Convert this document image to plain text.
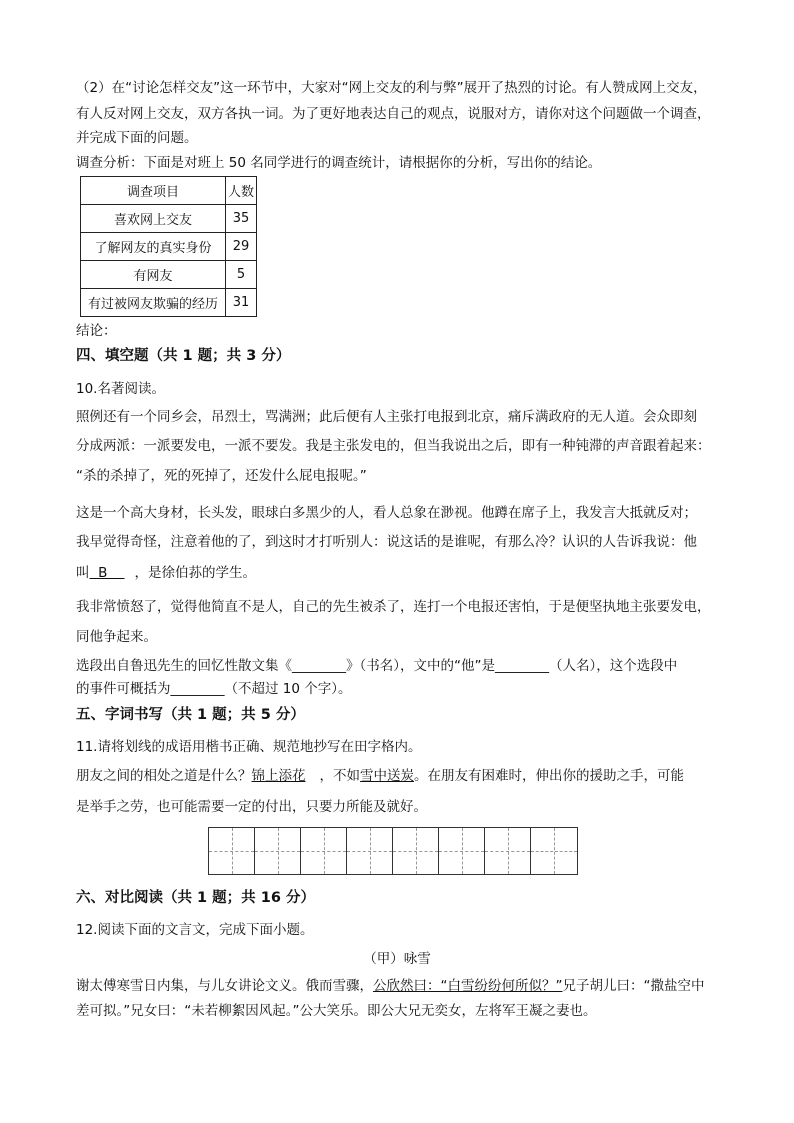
（2）在“讨论怎样交友”这一环节中，大家对“网上交友的利与弊”展开了热烈的讨论。有人赞成网上交友，
有人反对网上交友，双方各执一词。为了更好地表达自己的观点，说服对方，请你对这个问题做一个调查，
并完成下面的问题。
调查分析：下面是对班上 50 名同学进行的调查统计，请根据你的分析，写出你的结论。
调查项目	人数
喜欢网上交友	35
了解网友的真实身份	29
有网友	5
有过被网友欺骗的经历	31
结论：
四、填空题（共 1 题；共 3 分）
10.名著阅读。
照例还有一个同乡会，吊烈士，骂满洲；此后便有人主张打电报到北京，痛斥满政府的无人道。会众即刻
分成两派：一派要发电，一派不要发。我是主张发电的，但当我说出之后，即有一种钝滞的声音跟着起来：
“杀的杀掉了，死的死掉了，还发什么屁电报呢。”
这是一个高大身材，长头发，眼球白多黑少的人，看人总象在渺视。他蹲在席子上，我发言大抵就反对；
我早觉得奇怪，注意着他的了，到这时才打听别人：说这话的是谁呢，有那么冷？认识的人告诉我说：他
叫  B    ，是徐伯荪的学生。
我非常愤怒了，觉得他简直不是人，自己的先生被杀了，连打一个电报还害怕，于是便坚执地主张要发电，
同他争起来。
选段出自鲁迅先生的回忆性散文集《________》（书名），文中的“他”是________（人名），这个选段中
的事件可概括为________（不超过 10 个字）。
五、字词书写（共 1 题；共 5 分）
11.请将划线的成语用楷书正确、规范地抄写在田字格内。
朋友之间的相处之道是什么？锦上添花 ，不如雪中送炭。在朋友有困难时，伸出你的援助之手，可能
是举手之劳，也可能需要一定的付出，只要力所能及就好。
六、对比阅读（共 1 题；共 16 分）
12.阅读下面的文言文，完成下面小题。
（甲）咏雪
谢太傅寒雪日内集，与儿女讲论文义。俄而雪骤，公欣然曰：“白雪纷纷何所似？”兄子胡儿曰：“撒盐空中
差可拟。”兄女曰：“未若柳絮因风起。”公大笑乐。即公大兄无奕女，左将军王凝之妻也。
